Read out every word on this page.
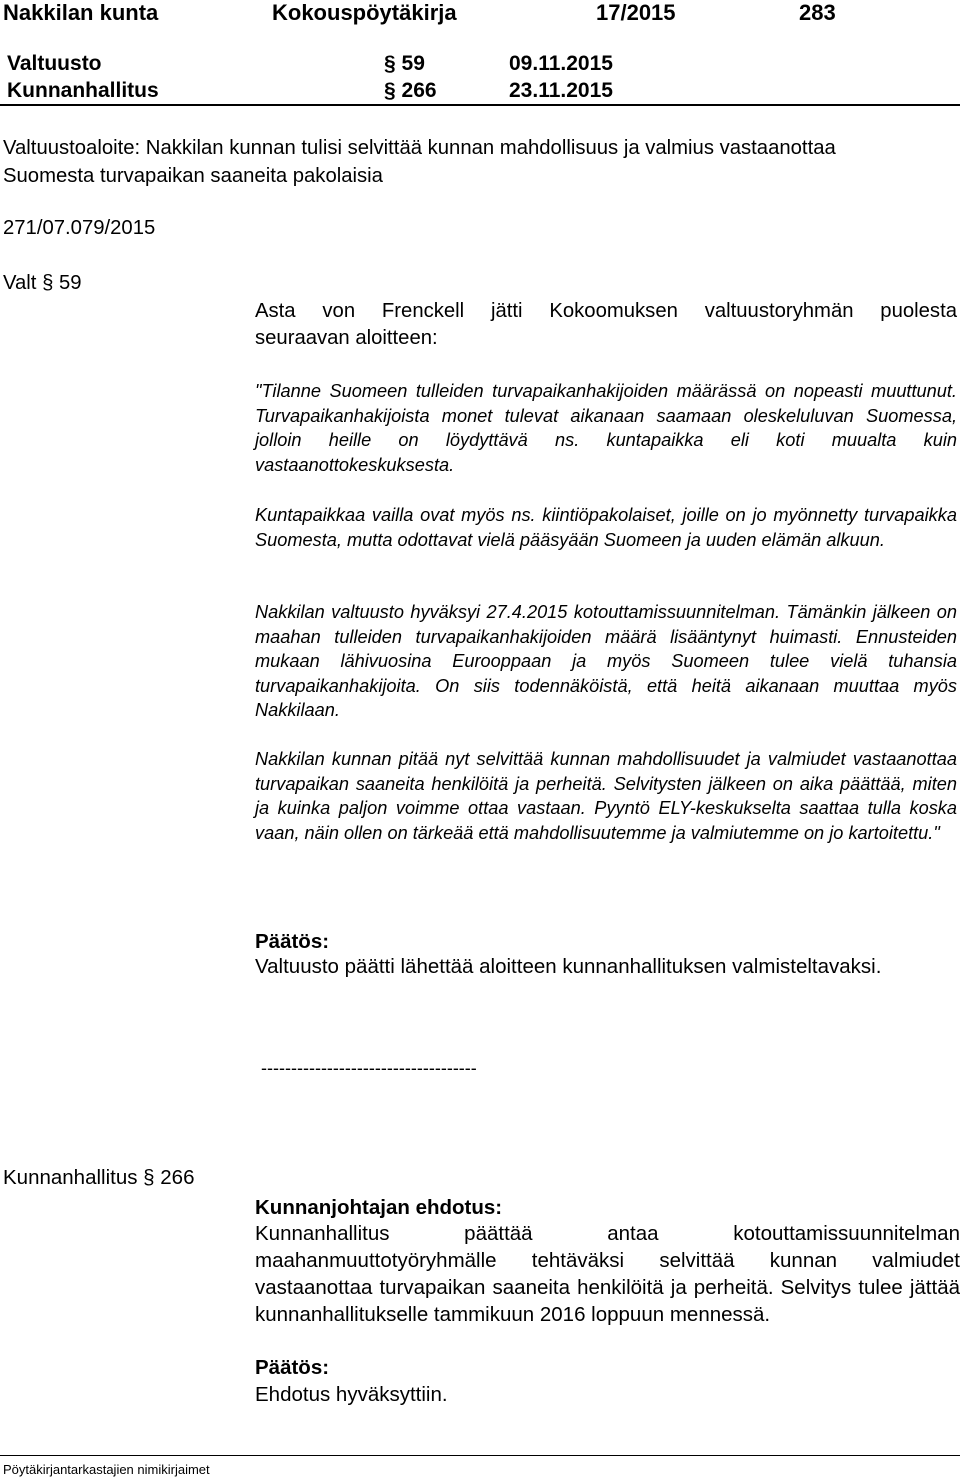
Nakkilan kunta	Kokouspöytäkirja	17/2015	283
Valtuusto	§ 59	09.11.2015
Kunnanhallitus	§ 266	23.11.2015
Valtuustoaloite: Nakkilan kunnan tulisi selvittää kunnan mahdollisuus ja valmius vastaanottaa
Suomesta turvapaikan saaneita pakolaisia
271/07.079/2015
Valt § 59
Asta von Frenckell jätti Kokoomuksen valtuustoryhmän puolesta
seuraavan aloitteen:

"Tilanne Suomeen tulleiden turvapaikanhakijoiden määrässä on nopeasti muuttunut. Turvapaikanhakijoista monet tulevat aikanaan saamaan oleskeluluvan Suomessa, jolloin heille on löydyttävä ns. kuntapaikka eli koti muualta kuin vastaanottokeskuksesta.

Kuntapaikkaa vailla ovat myös ns. kiintiöpakolaiset, joille on jo myönnetty turvapaikka Suomesta, mutta odottavat vielä pääsyään Suomeen ja uuden elämän alkuun.

Nakkilan valtuusto hyväksyi 27.4.2015 kotouttamissuunnitelman. Tämänkin jälkeen on maahan tulleiden turvapaikanhakijoiden määrä lisääntynyt huimasti. Ennusteiden mukaan lähivuosina Eurooppaan ja myös Suomeen tulee vielä tuhansia turvapaikanhakijoita. On siis todennäköistä, että heitä aikanaan muuttaa myös Nakkilaan.

Nakkilan kunnan pitää nyt selvittää kunnan mahdollisuudet ja valmiudet vastaanottaa turvapaikan saaneita henkilöitä ja perheitä. Selvitysten jälkeen on aika päättää, miten ja kuinka paljon voimme ottaa vastaan. Pyyntö ELY-keskukselta saattaa tulla koska vaan, näin ollen on tärkeää että mahdollisuutemme ja valmiutemme on jo kartoitettu."

Päätös:

Valtuusto päätti lähettää aloitteen kunnanhallituksen valmisteltavaksi.

------------------------------------
Kunnanhallitus § 266
Kunnanjohtajan ehdotus:

Kunnanhallitus päättää antaa kotouttamissuunnitelman maahanmuuttotyöryhmälle tehtäväksi selvittää kunnan valmiudet vastaanottaa turvapaikan saaneita henkilöitä ja perheitä. Selvitys tulee jättää kunnanhallitukselle tammikuun 2016 loppuun mennessä.

Päätös:
Ehdotus hyväksyttiin.
Pöytäkirjantarkastajien nimikirjaimet
